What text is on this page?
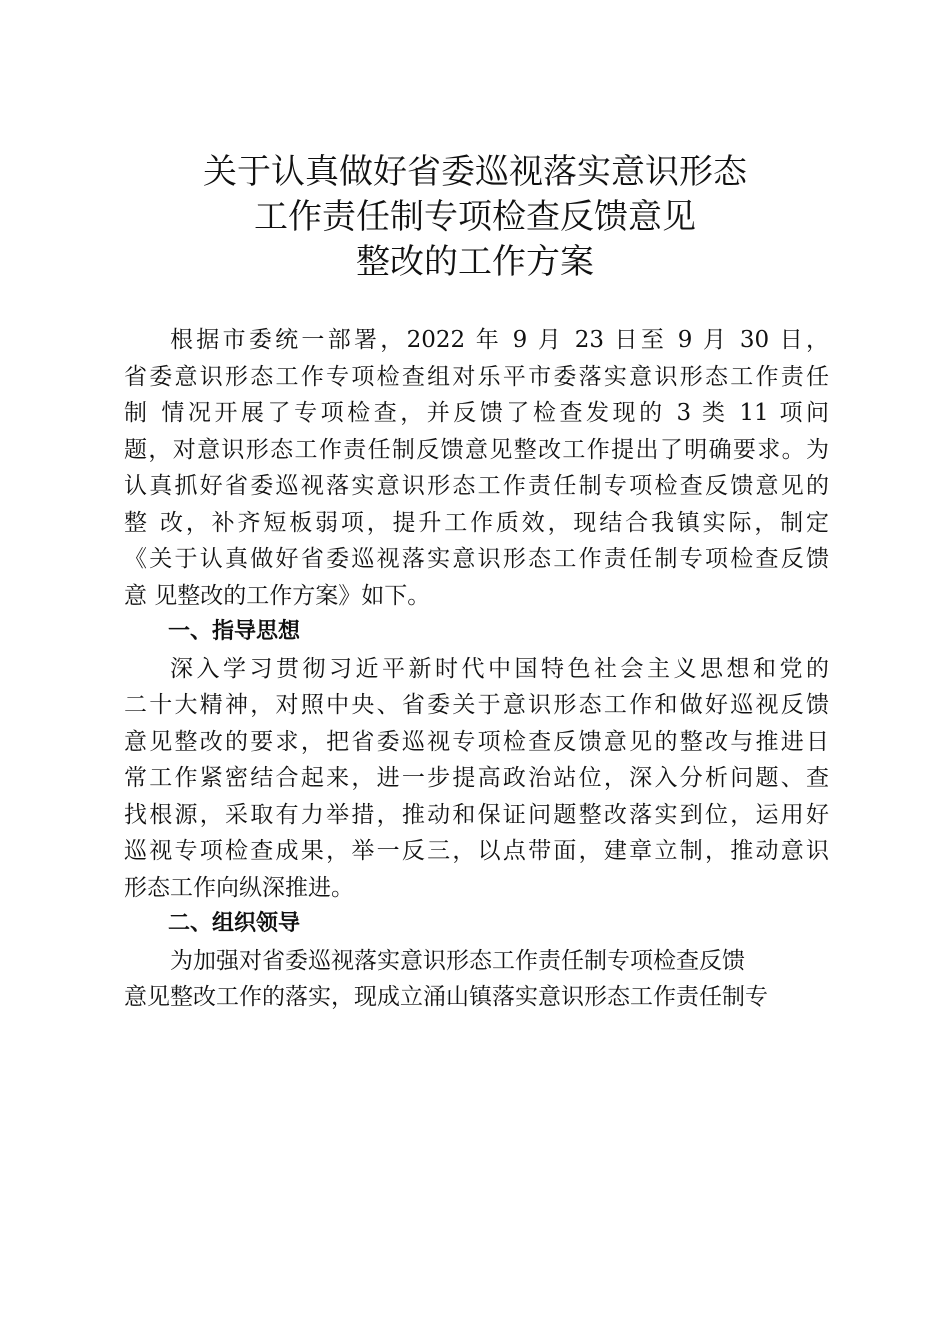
关于认真做好省委巡视落实意识形态
工作责任制专项检查反馈意见
整改的工作方案
根据市委统一部署，2022 年 9 月 23 日至 9 月 30 日，
省委意识形态工作专项检查组对乐平市委落实意识形态工作责任
制 情况开展了专项检查，并反馈了检查发现的 3 类 11 项问
题，对意识形态工作责任制反馈意见整改工作提出了明确要求。为
认真抓好省委巡视落实意识形态工作责任制专项检查反馈意见的
整 改，补齐短板弱项，提升工作质效，现结合我镇实际，制定
《关于认真做好省委巡视落实意识形态工作责任制专项检查反馈
意 见整改的工作方案》如下。
一、指导思想
深入学习贯彻习近平新时代中国特色社会主义思想和党的
二十大精神，对照中央、省委关于意识形态工作和做好巡视反馈
意见整改的要求，把省委巡视专项检查反馈意见的整改与推进日
常工作紧密结合起来，进一步提高政治站位，深入分析问题、查
找根源，采取有力举措，推动和保证问题整改落实到位，运用好
巡视专项检查成果，举一反三，以点带面，建章立制，推动意识
形态工作向纵深推进。
二、组织领导
为加强对省委巡视落实意识形态工作责任制专项检查反馈
意见整改工作的落实，现成立涌山镇落实意识形态工作责任制专
